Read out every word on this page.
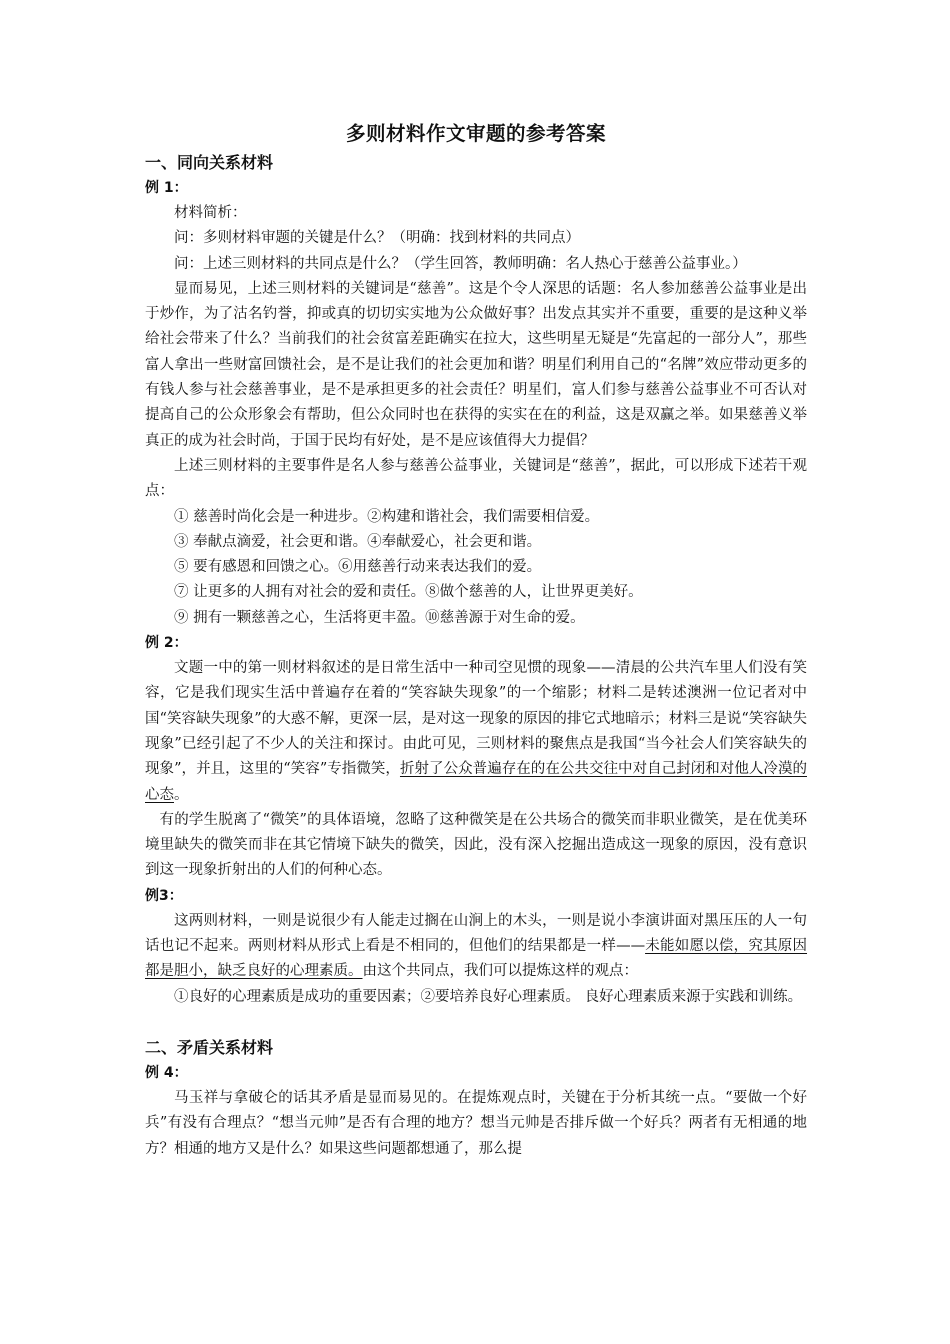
多则材料作文审题的参考答案
一、同向关系材料
例 1：

材料简析：

问：多则材料审题的关键是什么？（明确：找到材料的共同点）

问：上述三则材料的共同点是什么？（学生回答，教师明确：名人热心于慈善公益事业。）

显而易见，上述三则材料的关键词是“慈善”。这是个令人深思的话题：名人参加慈善公益事业是出于炒作，为了沽名钓誉，抑或真的切切实实地为公众做好事？出发点其实并不重要，重要的是这种义举给社会带来了什么？当前我们的社会贫富差距确实在拉大，这些明星无疑是“先富起的一部分人”，那些富人拿出一些财富回馈社会，是不是让我们的社会更加和谐？明星们利用自己的“名牌”效应带动更多的有钱人参与社会慈善事业，是不是承担更多的社会责任？明星们，富人们参与慈善公益事业不可否认对提高自己的公众形象会有帮助，但公众同时也在获得的实实在在的利益，这是双赢之举。如果慈善义举真正的成为社会时尚，于国于民均有好处，是不是应该值得大力提倡？

上述三则材料的主要事件是名人参与慈善公益事业，关键词是“慈善”，据此，可以形成下述若干观点：

① 慈善时尚化会是一种进步。②构建和谐社会，我们需要相信爱。

③ 奉献点滴爱，社会更和谐。④奉献爱心，社会更和谐。

⑤ 要有感恩和回馈之心。⑥用慈善行动来表达我们的爱。

⑦ 让更多的人拥有对社会的爱和责任。⑧做个慈善的人，让世界更美好。

⑨ 拥有一颗慈善之心，生活将更丰盈。⑩慈善源于对生命的爱。

例 2：

文题一中的第一则材料叙述的是日常生活中一种司空见惯的现象——清晨的公共汽车里人们没有笑容，它是我们现实生活中普遍存在着的“笑容缺失现象”的一个缩影；材料二是转述澳洲一位记者对中国“笑容缺失现象”的大惑不解，更深一层，是对这一现象的原因的排它式地暗示；材料三是说“笑容缺失现象”已经引起了不少人的关注和探讨。由此可见，三则材料的聚焦点是我国“当今社会人们笑容缺失的现象”，并且，这里的“笑容”专指微笑，折射了公众普遍存在的在公共交往中对自己封闭和对他人冷漠的心态。

有的学生脱离了“微笑”的具体语境，忽略了这种微笑是在公共场合的微笑而非职业微笑，是在优美环境里缺失的微笑而非在其它情境下缺失的微笑，因此，没有深入挖掘出造成这一现象的原因，没有意识到这一现象折射出的人们的何种心态。

例3：

这两则材料，一则是说很少有人能走过搁在山涧上的木头，一则是说小李演讲面对黑压压的人一句话也记不起来。两则材料从形式上看是不相同的，但他们的结果都是一样——未能如愿以偿，究其原因都是胆小，缺乏良好的心理素质。由这个共同点，我们可以提炼这样的观点：

①良好的心理素质是成功的重要因素；②要培养良好心理素质。 良好心理素质来源于实践和训练。

二、矛盾关系材料
例 4：

马玉祥与拿破仑的话其矛盾是显而易见的。在提炼观点时，关键在于分析其统一点。“要做一个好兵”有没有合理点？“想当元帅”是否有合理的地方？想当元帅是否排斥做一个好兵？两者有无相通的地方？相通的地方又是什么？如果这些问题都想通了，那么提
